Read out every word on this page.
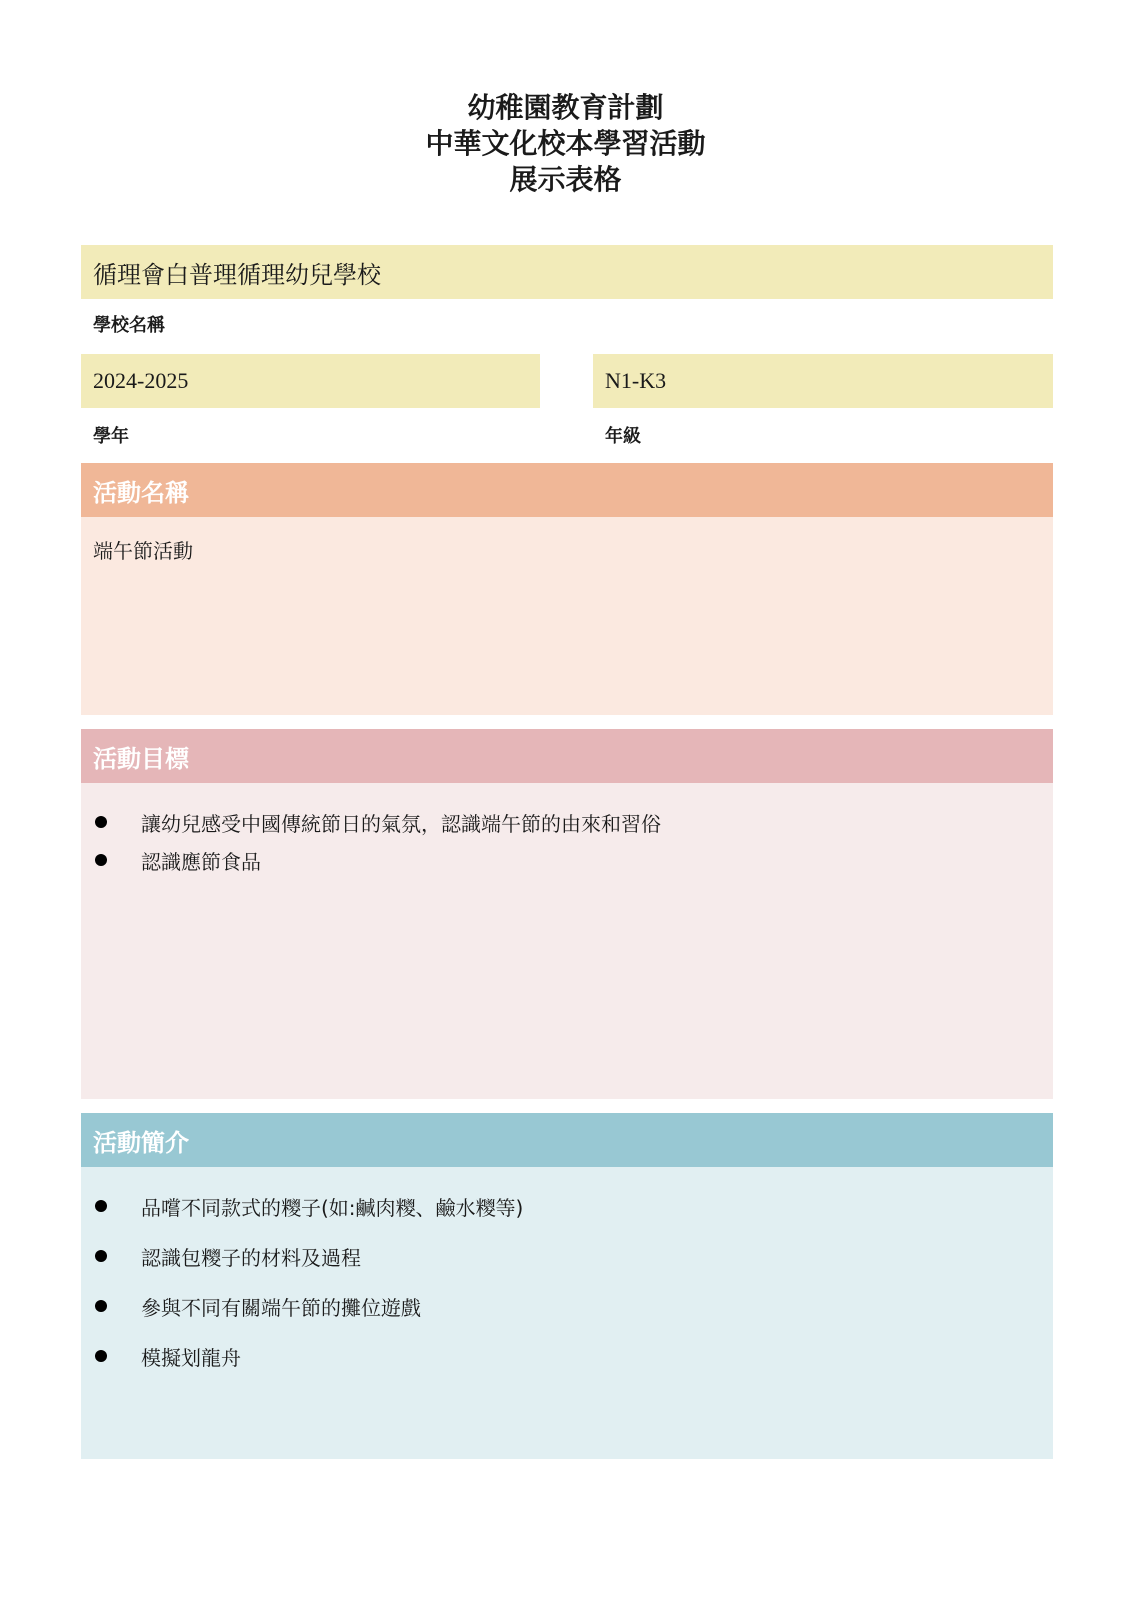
幼稚園教育計劃
中華文化校本學習活動
展示表格
循理會白普理循理幼兒學校
學校名稱
2024-2025
學年
N1-K3
年級
活動名稱
端午節活動
活動目標
讓幼兒感受中國傳統節日的氣氛，認識端午節的由來和習俗
認識應節食品
活動簡介
品嚐不同款式的糭子(如:鹹肉糭、鹼水糭等)
認識包糭子的材料及過程
參與不同有關端午節的攤位遊戲
模擬划龍舟
